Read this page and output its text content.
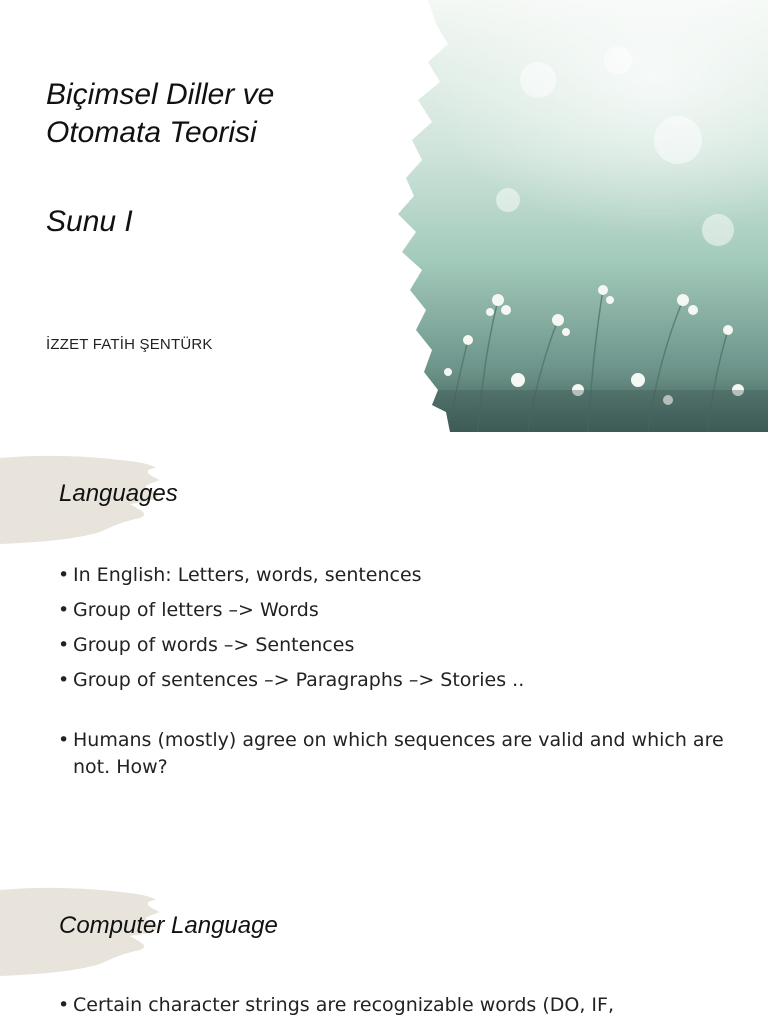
Biçimsel Diller ve
Otomata Teorisi
Sunu I
İZZET FATİH ŞENTÜRK
Languages
• In English: Letters, words, sentences
• Group of letters –> Words
• Group of words –> Sentences
• Group of sentences –> Paragraphs –> Stories ..
• Humans (mostly) agree on which sequences are valid and which are not. How?
Computer Language
• Certain character strings are recognizable words (DO, IF,
